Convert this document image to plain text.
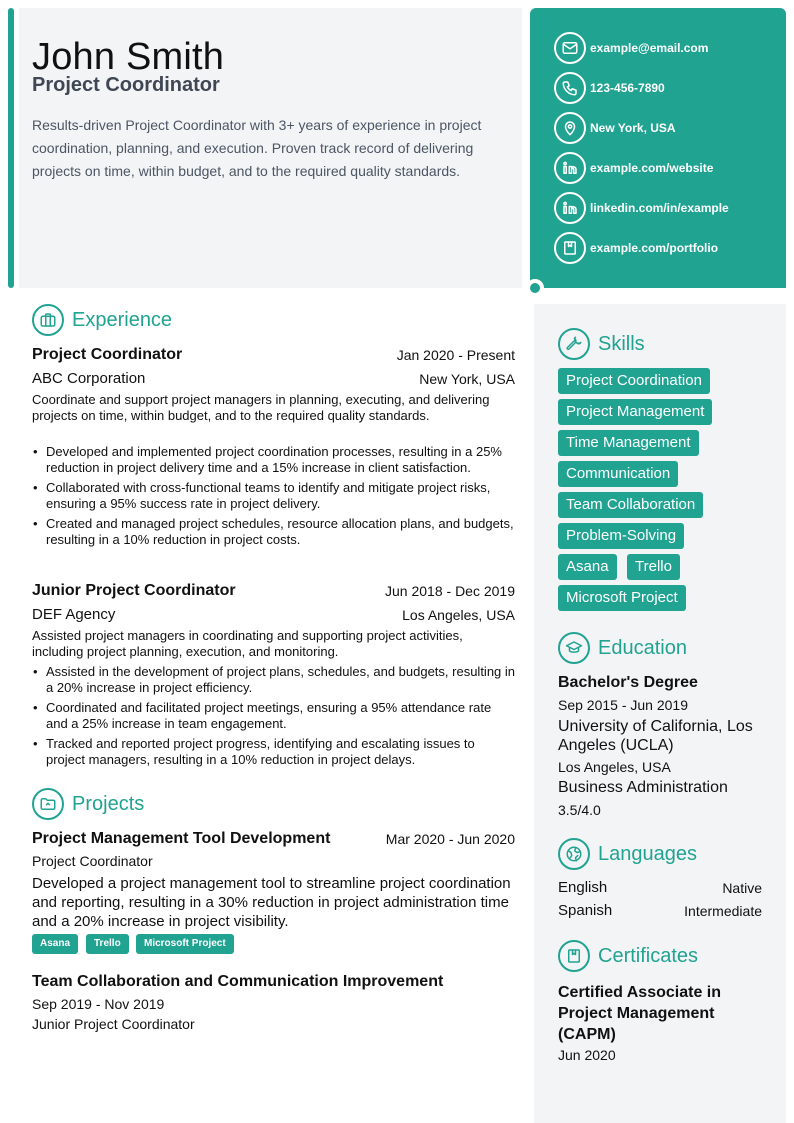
John Smith
Project Coordinator
Results-driven Project Coordinator with 3+ years of experience in project coordination, planning, and execution. Proven track record of delivering projects on time, within budget, and to the required quality standards.
example@email.com
123-456-7890
New York, USA
example.com/website
linkedin.com/in/example
example.com/portfolio
Experience
Project Coordinator	Jan 2020 - Present
ABC Corporation	New York, USA
Coordinate and support project managers in planning, executing, and delivering projects on time, within budget, and to the required quality standards.
• Developed and implemented project coordination processes, resulting in a 25% reduction in project delivery time and a 15% increase in client satisfaction.
• Collaborated with cross-functional teams to identify and mitigate project risks, ensuring a 95% success rate in project delivery.
• Created and managed project schedules, resource allocation plans, and budgets, resulting in a 10% reduction in project costs.
Junior Project Coordinator	Jun 2018 - Dec 2019
DEF Agency	Los Angeles, USA
Assisted project managers in coordinating and supporting project activities, including project planning, execution, and monitoring.
• Assisted in the development of project plans, schedules, and budgets, resulting in a 20% increase in project efficiency.
• Coordinated and facilitated project meetings, ensuring a 95% attendance rate and a 25% increase in team engagement.
• Tracked and reported project progress, identifying and escalating issues to project managers, resulting in a 10% reduction in project delays.
Projects
Project Management Tool Development	Mar 2020 - Jun 2020
Project Coordinator
Developed a project management tool to streamline project coordination and reporting, resulting in a 30% reduction in project administration time and a 20% increase in project visibility.
Asana	Trello	Microsoft Project
Team Collaboration and Communication Improvement
Sep 2019 - Nov 2019
Junior Project Coordinator
Skills
Project Coordination
Project Management
Time Management
Communication
Team Collaboration
Problem-Solving
Asana	Trello
Microsoft Project
Education
Bachelor's Degree
Sep 2015 - Jun 2019
University of California, Los Angeles (UCLA)
Los Angeles, USA
Business Administration
3.5/4.0
Languages
English	Native
Spanish	Intermediate
Certificates
Certified Associate in Project Management (CAPM)
Jun 2020
